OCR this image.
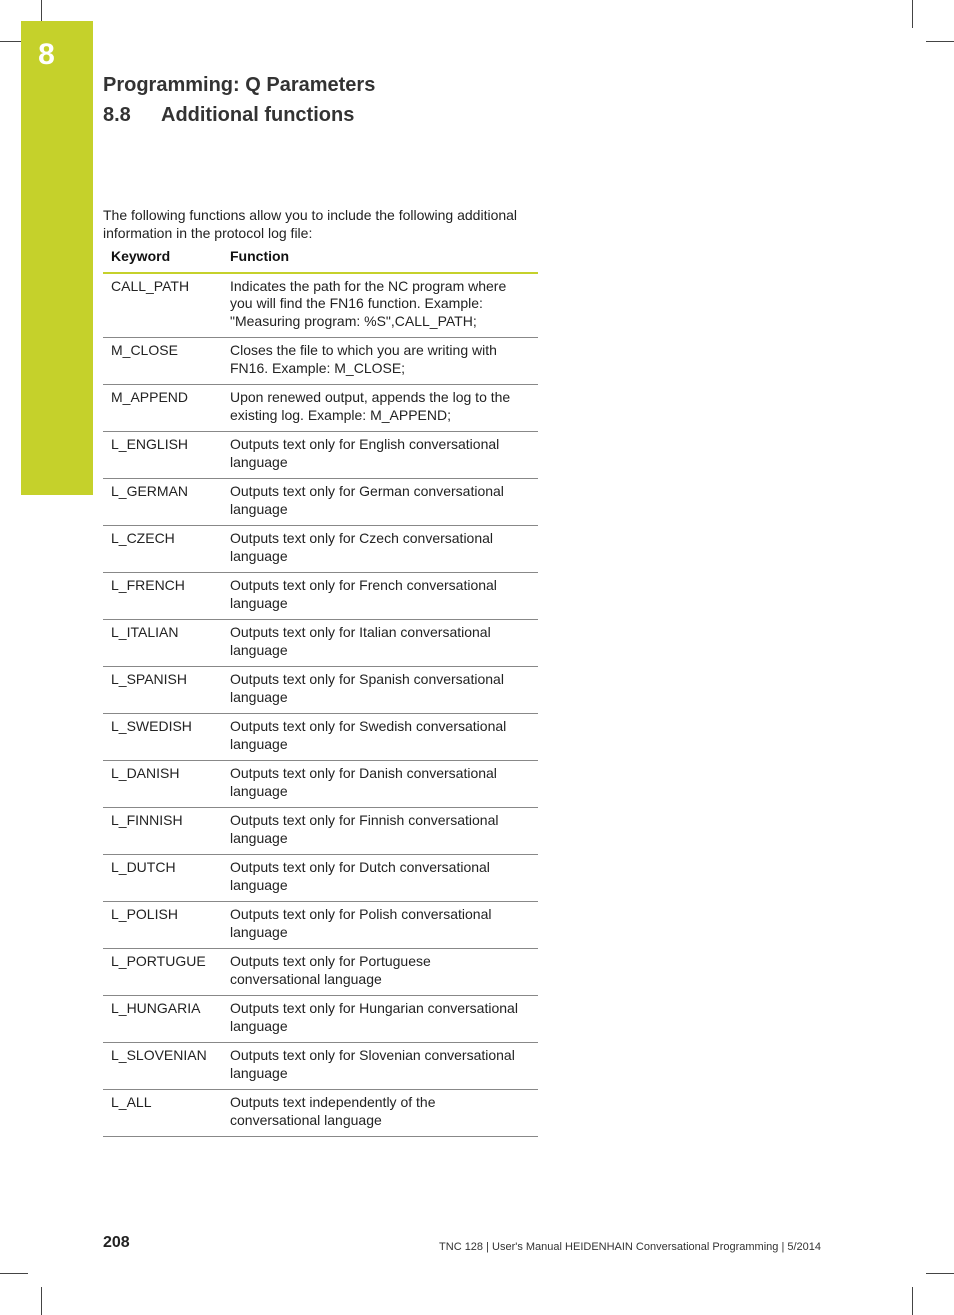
8
Programming: Q Parameters
8.8 Additional functions

The following functions allow you to include the following additional information in the protocol log file:

Keyword	Function
CALL_PATH	Indicates the path for the NC program where you will find the FN16 function. Example: "Measuring program: %S",CALL_PATH;
M_CLOSE	Closes the file to which you are writing with FN16. Example: M_CLOSE;
M_APPEND	Upon renewed output, appends the log to the existing log. Example: M_APPEND;
L_ENGLISH	Outputs text only for English conversational language
L_GERMAN	Outputs text only for German conversational language
L_CZECH	Outputs text only for Czech conversational language
L_FRENCH	Outputs text only for French conversational language
L_ITALIAN	Outputs text only for Italian conversational language
L_SPANISH	Outputs text only for Spanish conversational language
L_SWEDISH	Outputs text only for Swedish conversational language
L_DANISH	Outputs text only for Danish conversational language
L_FINNISH	Outputs text only for Finnish conversational language
L_DUTCH	Outputs text only for Dutch conversational language
L_POLISH	Outputs text only for Polish conversational language
L_PORTUGUE	Outputs text only for Portuguese conversational language
L_HUNGARIA	Outputs text only for Hungarian conversational language
L_SLOVENIAN	Outputs text only for Slovenian conversational language
L_ALL	Outputs text independently of the conversational language
208	TNC 128 | User's Manual HEIDENHAIN Conversational Programming | 5/2014
